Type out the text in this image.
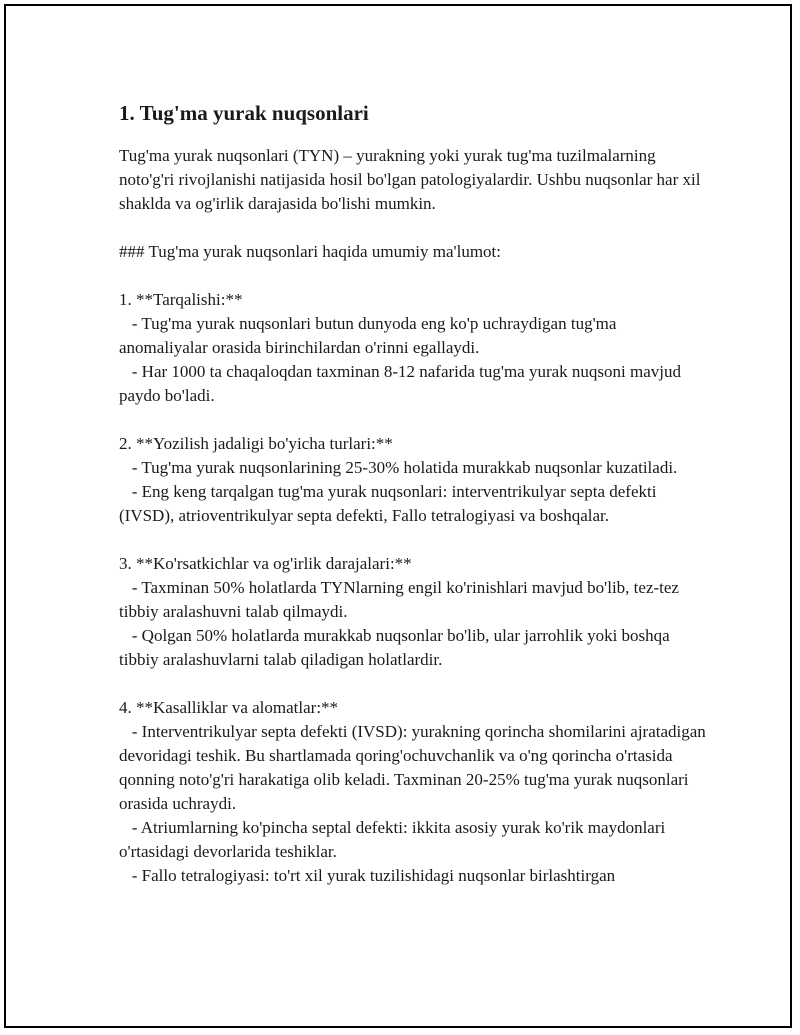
1. Tug'ma yurak nuqsonlari

Tug'ma yurak nuqsonlari (TYN) – yurakning yoki yurak tug'ma tuzilmalarning noto'g'ri rivojlanishi natijasida hosil bo'lgan patologiyalardir. Ushbu nuqsonlar har xil shaklda va og'irlik darajasida bo'lishi mumkin.

### Tug'ma yurak nuqsonlari haqida umumiy ma'lumot:

1. **Tarqalishi:**

- Tug'ma yurak nuqsonlari butun dunyoda eng ko'p uchraydigan tug'ma anomaliyalar orasida birinchilardan o'rinni egallaydi.

- Har 1000 ta chaqaloqdan taxminan 8-12 nafarida tug'ma yurak nuqsoni mavjud paydo bo'ladi.

2. **Yozilish jadaligi bo'yicha turlari:**

- Tug'ma yurak nuqsonlarining 25-30% holatida murakkab nuqsonlar kuzatiladi.

- Eng keng tarqalgan tug'ma yurak nuqsonlari: interventrikulyar septa defekti (IVSD), atrioventrikulyar septa defekti, Fallo tetralogiyasi va boshqalar.

3. **Ko'rsatkichlar va og'irlik darajalari:**

- Taxminan 50% holatlarda TYNlarning engil ko'rinishlari mavjud bo'lib, tez-tez tibbiy aralashuvni talab qilmaydi.

- Qolgan 50% holatlarda murakkab nuqsonlar bo'lib, ular jarrohlik yoki boshqa tibbiy aralashuvlarni talab qiladigan holatlardir.

4. **Kasalliklar va alomatlar:**

- Interventrikulyar septa defekti (IVSD): yurakning qorincha shomilarini ajratadigan devoridagi teshik. Bu shartlamada qoring'ochuvchanlik va o'ng qorincha o'rtasida qonning noto'g'ri harakatiga olib keladi. Taxminan 20-25% tug'ma yurak nuqsonlari orasida uchraydi.

- Atriumlarning ko'pincha septal defekti: ikkita asosiy yurak ko'rik maydonlari o'rtasidagi devorlarida teshiklar.

- Fallo tetralogiyasi: to'rt xil yurak tuzilishidagi nuqsonlar birlashtirgan
